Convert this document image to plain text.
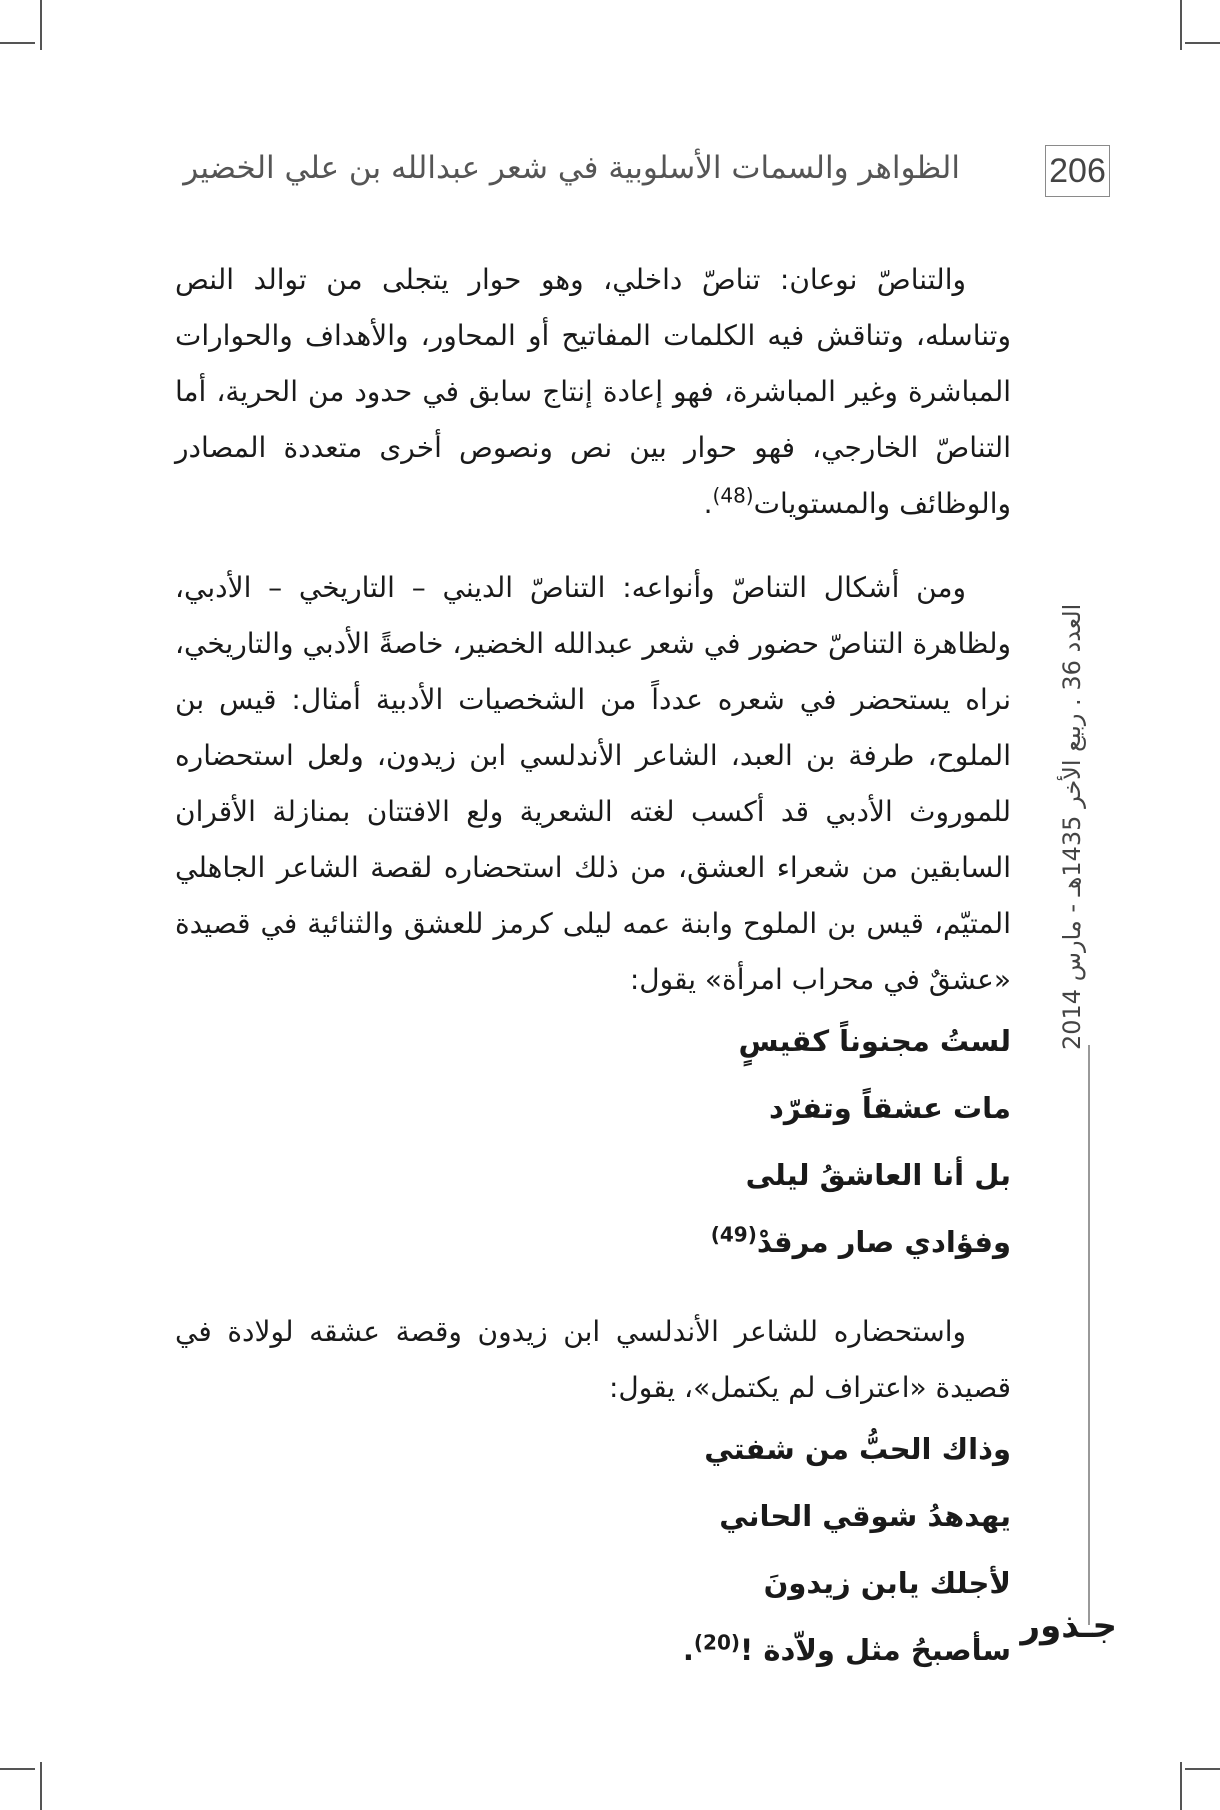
206
الظواهر والسمات الأسلوبية في شعر عبدالله بن علي الخضير

والتناصّ نوعان: تناصّ داخلي، وهو حوار يتجلى من توالد النص وتناسله، وتناقش فيه الكلمات المفاتيح أو المحاور، والأهداف والحوارات المباشرة وغير المباشرة، فهو إعادة إنتاج سابق في حدود من الحرية، أما التناصّ الخارجي، فهو حوار بين نص ونصوص أخرى متعددة المصادر والوظائف والمستويات$^{(48)}$.

ومن أشكال التناصّ وأنواعه: التناصّ الديني – التاريخي – الأدبي، ولظاهرة التناصّ حضور في شعر عبدالله الخضير، خاصةً الأدبي والتاريخي، نراه يستحضر في شعره عدداً من الشخصيات الأدبية أمثال: قيس بن الملوح، طرفة بن العبد، الشاعر الأندلسي ابن زيدون، ولعل استحضاره للموروث الأدبي قد أكسب لغته الشعرية ولع الافتتان بمنازلة الأقران السابقين من شعراء العشق، من ذلك استحضاره لقصة الشاعر الجاهلي المتيّم، قيس بن الملوح وابنة عمه ليلى كرمز للعشق والثنائية في قصيدة «عشقٌ في محراب امرأة» يقول:

لستُ مجنوناً كقيسٍ
مات عشقاً وتفرّد
بل أنا العاشقُ ليلى
وفؤادي صار مرقدْ$^{(49)}$

واستحضاره للشاعر الأندلسي ابن زيدون وقصة عشقه لولادة في قصيدة «اعتراف لم يكتمل»، يقول:

وذاك الحبُّ من شفتي
يهدهدُ شوقي الحاني
لأجلك يابن زيدونَ
سأصبحُ مثل ولاّدة !$^{(20)}$.
العدد 36 . ربيع الأخر 1435هـ - مارس 2014
جـذور
